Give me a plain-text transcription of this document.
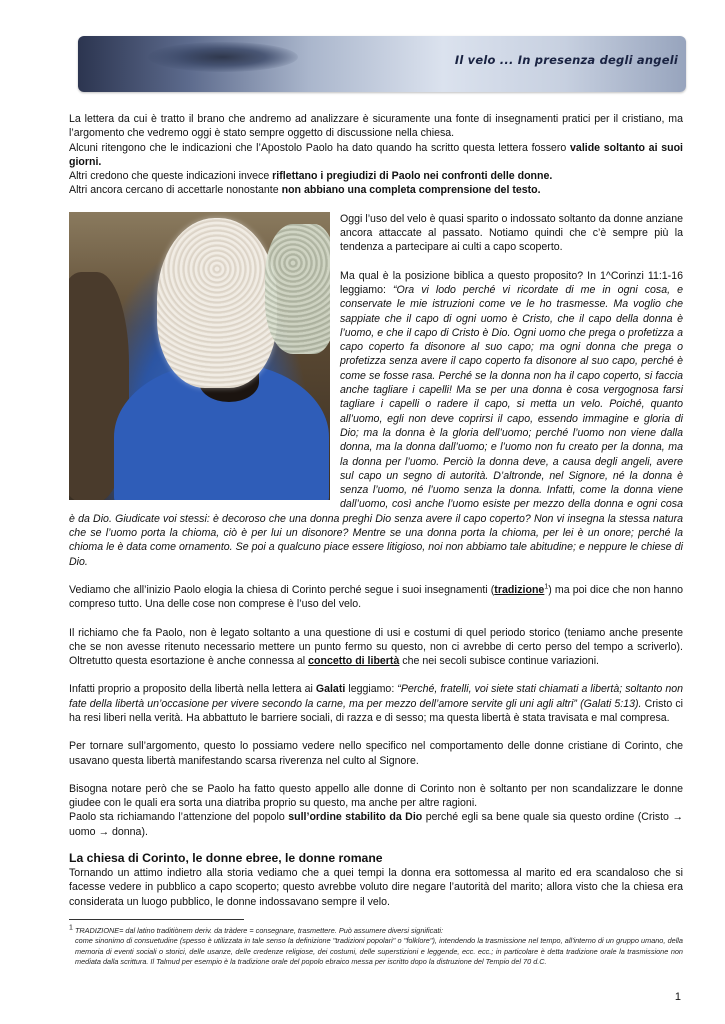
Il velo ... In presenza degli angeli

La lettera da cui è tratto il brano che andremo ad analizzare è sicuramente una fonte di insegnamenti pratici per il cristiano, ma l’argomento che vedremo oggi è stato sempre oggetto di discussione nella chiesa.
Alcuni ritengono che le indicazioni che l’Apostolo Paolo ha dato quando ha scritto questa lettera fossero valide soltanto ai suoi giorni.
Altri credono che queste indicazioni invece riflettano i pregiudizi di Paolo nei confronti delle donne.
Altri ancora cercano di accettarle nonostante non abbiano una completa comprensione del testo.

Oggi l’uso del velo è quasi sparito o indossato soltanto da donne anziane ancora attaccate al passato. Notiamo quindi che c’è sempre più la tendenza a partecipare ai culti a capo scoperto.

Ma qual è la posizione biblica a questo proposito? In 1^Corinzi 11:1-16 leggiamo: “Ora vi lodo perché vi ricordate di me in ogni cosa, e conservate le mie istruzioni come ve le ho trasmesse. Ma voglio che sappiate che il capo di ogni uomo è Cristo, che il capo della donna è l’uomo, e che il capo di Cristo è Dio. Ogni uomo che prega o profetizza a capo coperto fa disonore al suo capo; ma ogni donna che prega o profetizza senza avere il capo coperto fa disonore al suo capo, perché è come se fosse rasa. Perché se la donna non ha il capo coperto, si faccia anche tagliare i capelli! Ma se per una donna è cosa vergognosa farsi tagliare i capelli o radere il capo, si metta un velo. Poiché, quanto all’uomo, egli non deve coprirsi il capo, essendo immagine e gloria di Dio; ma la donna è la gloria dell’uomo; perché l’uomo non viene dalla donna, ma la donna dall’uomo; e l’uomo non fu creato per la donna, ma la donna per l’uomo. Perciò la donna deve, a causa degli angeli, avere sul capo un segno di autorità. D’altronde, nel Signore, né la donna è senza l’uomo, né l’uomo senza la donna. Infatti, come la donna viene dall’uomo, così anche l’uomo esiste per mezzo della donna e ogni cosa è da Dio. Giudicate voi stessi: è decoroso che una donna preghi Dio senza avere il capo coperto? Non vi insegna la stessa natura che se l’uomo porta la chioma, ciò è per lui un disonore? Mentre se una donna porta la chioma, per lei è un onore; perché la chioma le è data come ornamento. Se poi a qualcuno piace essere litigioso, noi non abbiamo tale abitudine; e neppure le chiese di Dio.

Vediamo che all’inizio Paolo elogia la chiesa di Corinto perché segue i suoi insegnamenti (tradizione$^1$) ma poi dice che non hanno compreso tutto. Una delle cose non comprese è l’uso del velo.

Il richiamo che fa Paolo, non è legato soltanto a una questione di usi e costumi di quel periodo storico (teniamo anche presente che se non avesse ritenuto necessario mettere un punto fermo su questo, non ci avrebbe di certo perso del tempo a scriverlo). Oltretutto questa esortazione è anche connessa al concetto di libertà che nei secoli subisce continue variazioni.

Infatti proprio a proposito della libertà nella lettera ai Galati leggiamo: “Perché, fratelli, voi siete stati chiamati a libertà; soltanto non fate della libertà un’occasione per vivere secondo la carne, ma per mezzo dell’amore servite gli uni agli altri” (Galati 5:13). Cristo ci ha resi liberi nella verità. Ha abbattuto le barriere sociali, di razza e di sesso; ma questa libertà è stata travisata e mal compresa.

Per tornare sull’argomento, questo lo possiamo vedere nello specifico nel comportamento delle donne cristiane di Corinto, che usavano questa libertà manifestando scarsa riverenza nel culto al Signore.

Bisogna notare però che se Paolo ha fatto questo appello alle donne di Corinto non è soltanto per non scandalizzare le donne giudee con le quali era sorta una diatriba proprio su questo, ma anche per altre ragioni.

Paolo sta richiamando l’attenzione del popolo sull’ordine stabilito da Dio perché egli sa bene quale sia questo ordine (Cristo → uomo → donna).

La chiesa di Corinto, le donne ebree, le donne romane

Tornando un attimo indietro alla storia vediamo che a quei tempi la donna era sottomessa al marito ed era scandaloso che si facesse vedere in pubblico a capo scoperto; questo avrebbe voluto dire negare l’autorità del marito; allora visto che la chiesa era considerata un luogo pubblico, le donne indossavano sempre il velo.

$^1$ TRADIZIONE= dal latino traditiònem deriv. da tràdere = consegnare, trasmettere. Può assumere diversi significati:
come sinonimo di consuetudine (spesso è utilizzata in tale senso la definizione "tradizioni popolari" o "folklore"), intendendo la trasmissione nel tempo, all'interno di un gruppo umano, della memoria di eventi sociali o storici, delle usanze, delle credenze religiose, dei costumi, delle superstizioni e leggende, ecc. ecc.; in particolare è detta tradizione orale la trasmissione non mediata dalla scrittura. Il Talmud per esempio è la tradizione orale del popolo ebraico messa per iscritto dopo la distruzione del Tempio del 70 d.C.
1
